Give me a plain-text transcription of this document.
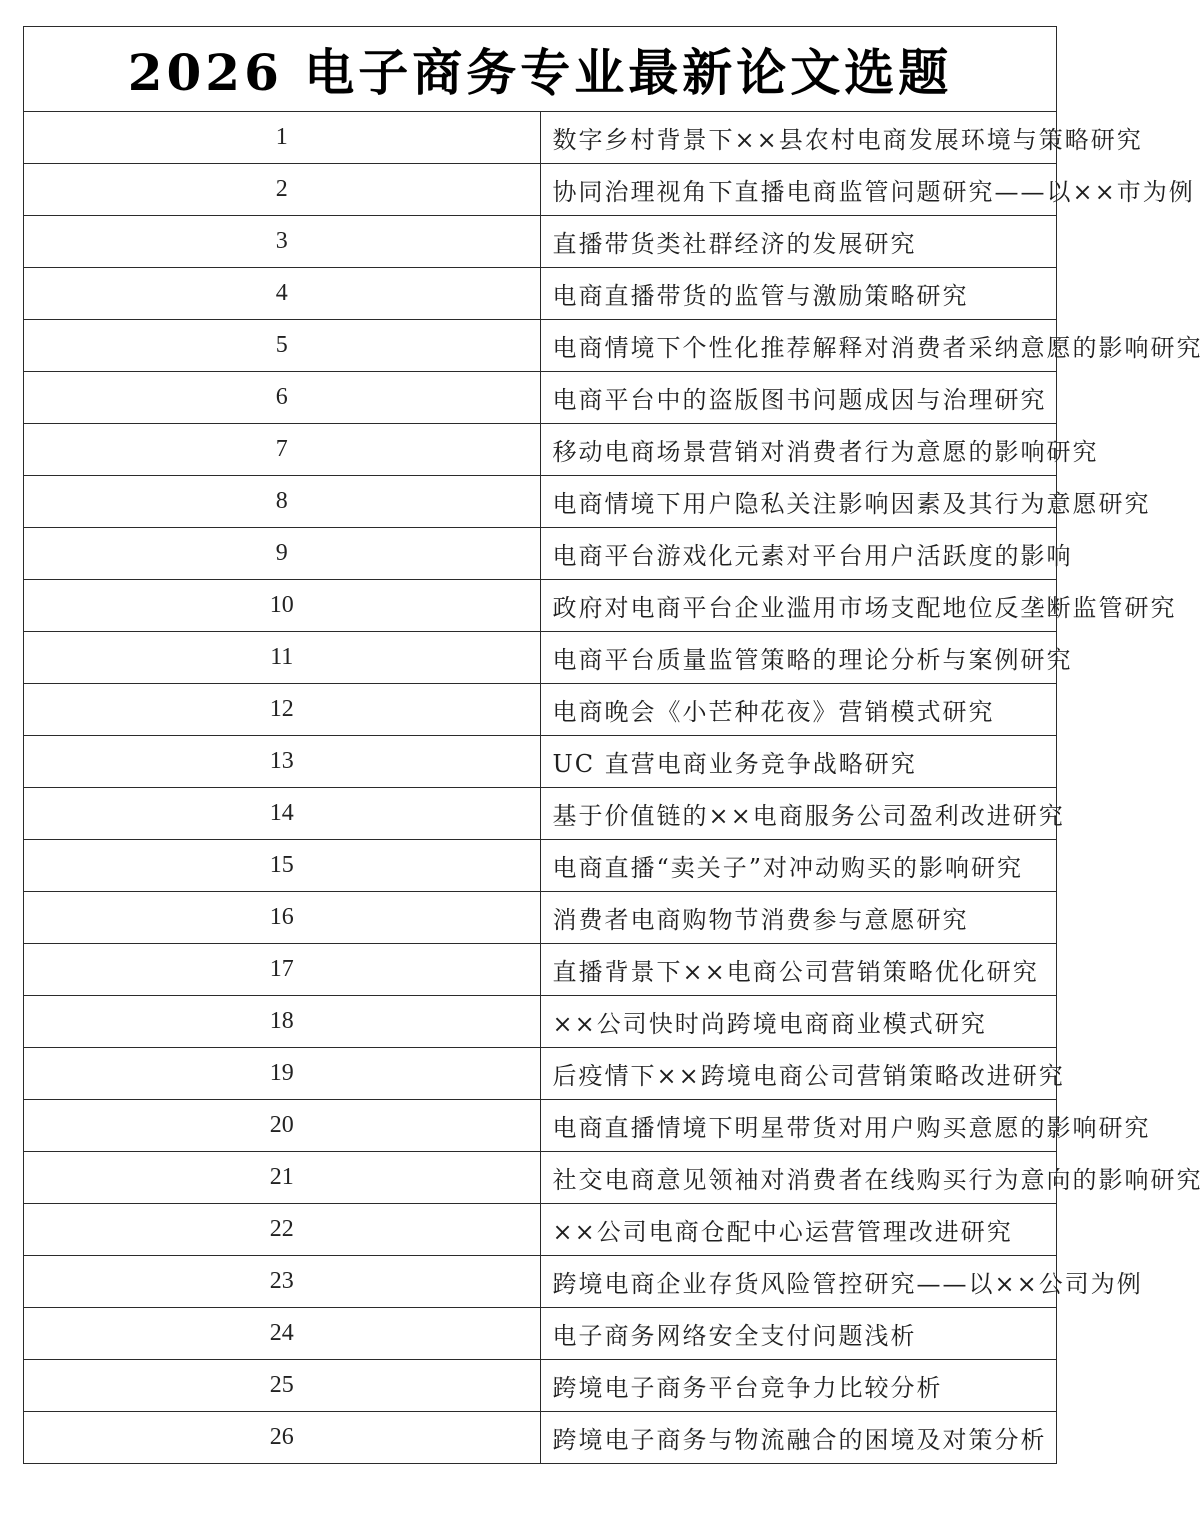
2026 电子商务专业最新论文选题	
1	数字乡村背景下××县农村电商发展环境与策略研究
2	协同治理视角下直播电商监管问题研究——以××市为例
3	直播带货类社群经济的发展研究
4	电商直播带货的监管与激励策略研究
5	电商情境下个性化推荐解释对消费者采纳意愿的影响研究
6	电商平台中的盗版图书问题成因与治理研究
7	移动电商场景营销对消费者行为意愿的影响研究
8	电商情境下用户隐私关注影响因素及其行为意愿研究
9	电商平台游戏化元素对平台用户活跃度的影响
10	政府对电商平台企业滥用市场支配地位反垄断监管研究
11	电商平台质量监管策略的理论分析与案例研究
12	电商晚会《小芒种花夜》营销模式研究
13	UC 直营电商业务竞争战略研究
14	基于价值链的××电商服务公司盈利改进研究
15	电商直播“卖关子”对冲动购买的影响研究
16	消费者电商购物节消费参与意愿研究
17	直播背景下××电商公司营销策略优化研究
18	××公司快时尚跨境电商商业模式研究
19	后疫情下××跨境电商公司营销策略改进研究
20	电商直播情境下明星带货对用户购买意愿的影响研究
21	社交电商意见领袖对消费者在线购买行为意向的影响研究
22	××公司电商仓配中心运营管理改进研究
23	跨境电商企业存货风险管控研究——以××公司为例
24	电子商务网络安全支付问题浅析
25	跨境电子商务平台竞争力比较分析
26	跨境电子商务与物流融合的困境及对策分析
